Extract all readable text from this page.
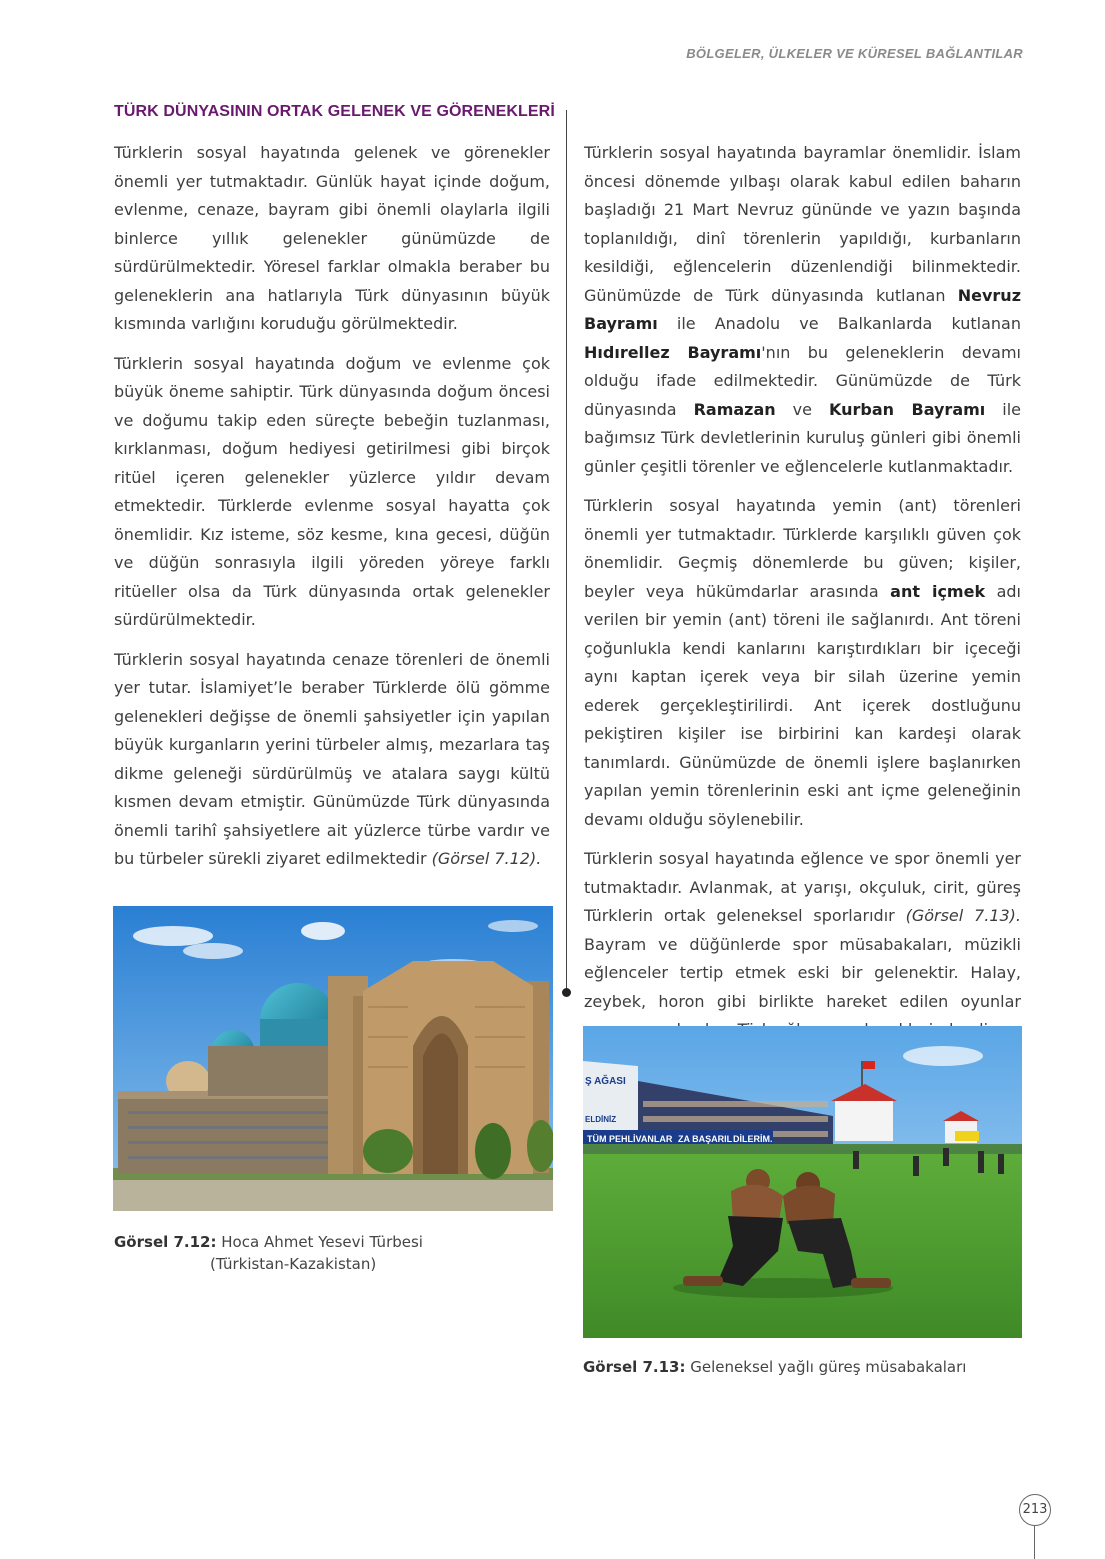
BÖLGELER, ÜLKELER VE KÜRESEL BAĞLANTILAR
TÜRK DÜNYASININ ORTAK GELENEK VE GÖRENEKLERİ

Türklerin sosyal hayatında gelenek ve görenekler önemli yer tutmaktadır. Günlük hayat içinde doğum, evlenme, cenaze, bayram gibi önemli olaylarla ilgili binlerce yıllık gelenekler günümüzde de sürdürülmektedir. Yöresel farklar olmakla beraber bu geleneklerin ana hatlarıyla Türk dünyasının büyük kısmında varlığını koruduğu görülmektedir.

Türklerin sosyal hayatında doğum ve evlenme çok büyük öneme sahiptir. Türk dünyasında doğum öncesi ve doğumu takip eden süreçte bebeğin tuzlanması, kırklanması, doğum hediyesi getirilmesi gibi birçok ritüel içeren gelenekler yüzlerce yıldır devam etmektedir. Türklerde evlenme sosyal hayatta çok önemlidir. Kız isteme, söz kesme, kına gecesi, düğün ve düğün sonrasıyla ilgili yöreden yöreye farklı ritüeller olsa da Türk dünyasında ortak gelenekler sürdürülmektedir.

Türklerin sosyal hayatında cenaze törenleri de önemli yer tutar. İslamiyet’le beraber Türklerde ölü gömme gelenekleri değişse de önemli şahsiyetler için yapılan büyük kurganların yerini türbeler almış, mezarlara taş dikme geleneği sürdürülmüş ve atalara saygı kültü kısmen devam etmiştir. Günümüzde Türk dünyasında önemli tarihî şahsiyetlere ait yüzlerce türbe vardır ve bu türbeler sürekli ziyaret edilmektedir (Görsel 7.12).

Türklerin sosyal hayatında bayramlar önemlidir. İslam öncesi dönemde yılbaşı olarak kabul edilen baharın başladığı 21 Mart Nevruz gününde ve yazın başında toplanıldığı, dinî törenlerin yapıldığı, kurbanların kesildiği, eğlencelerin düzenlendiği bilinmektedir. Günümüzde de Türk dünyasında kutlanan Nevruz Bayramı ile Anadolu ve Balkanlarda kutlanan Hıdırellez Bayramı'nın bu geleneklerin devamı olduğu ifade edilmektedir. Günümüzde de Türk dünyasında Ramazan ve Kurban Bayramı ile bağımsız Türk devletlerinin kuruluş günleri gibi önemli günler çeşitli törenler ve eğlencelerle kutlanmaktadır.

Türklerin sosyal hayatında yemin (ant) törenleri önemli yer tutmaktadır. Türklerde karşılıklı güven çok önemlidir. Geçmiş dönemlerde bu güven; kişiler, beyler veya hükümdarlar arasında ant içmek adı verilen bir yemin (ant) töreni ile sağlanırdı. Ant töreni çoğunlukla kendi kanlarını karıştırdıkları bir içeceği aynı kaptan içerek veya bir silah üzerine yemin ederek gerçekleştirilirdi. Ant içerek dostluğunu pekiştiren kişiler ise birbirini kan kardeşi olarak tanımlardı. Günümüzde de önemli işlere başlanırken yapılan yemin törenlerinin eski ant içme geleneğinin devamı olduğu söylenebilir.

Türklerin sosyal hayatında eğlence ve spor önemli yer tutmaktadır. Avlanmak, at yarışı, okçuluk, cirit, güreş Türklerin ortak geleneksel sporlarıdır (Görsel 7.13). Bayram ve düğünlerde spor müsabakaları, müzikli eğlenceler tertip etmek eski bir gelenektir. Halay, zeybek, horon gibi birlikte hareket edilen oyunlar

Görsel 7.12: Hoca Ahmet Yesevi Türbesi
(Türkistan-Kazakistan)
TÜM PEHLİVANLAR ZA BAŞARIL DİLERİM.
Ş AĞASI
ELDİNİZ
Görsel 7.13: Geleneksel yağlı güreş müsabakaları
213
